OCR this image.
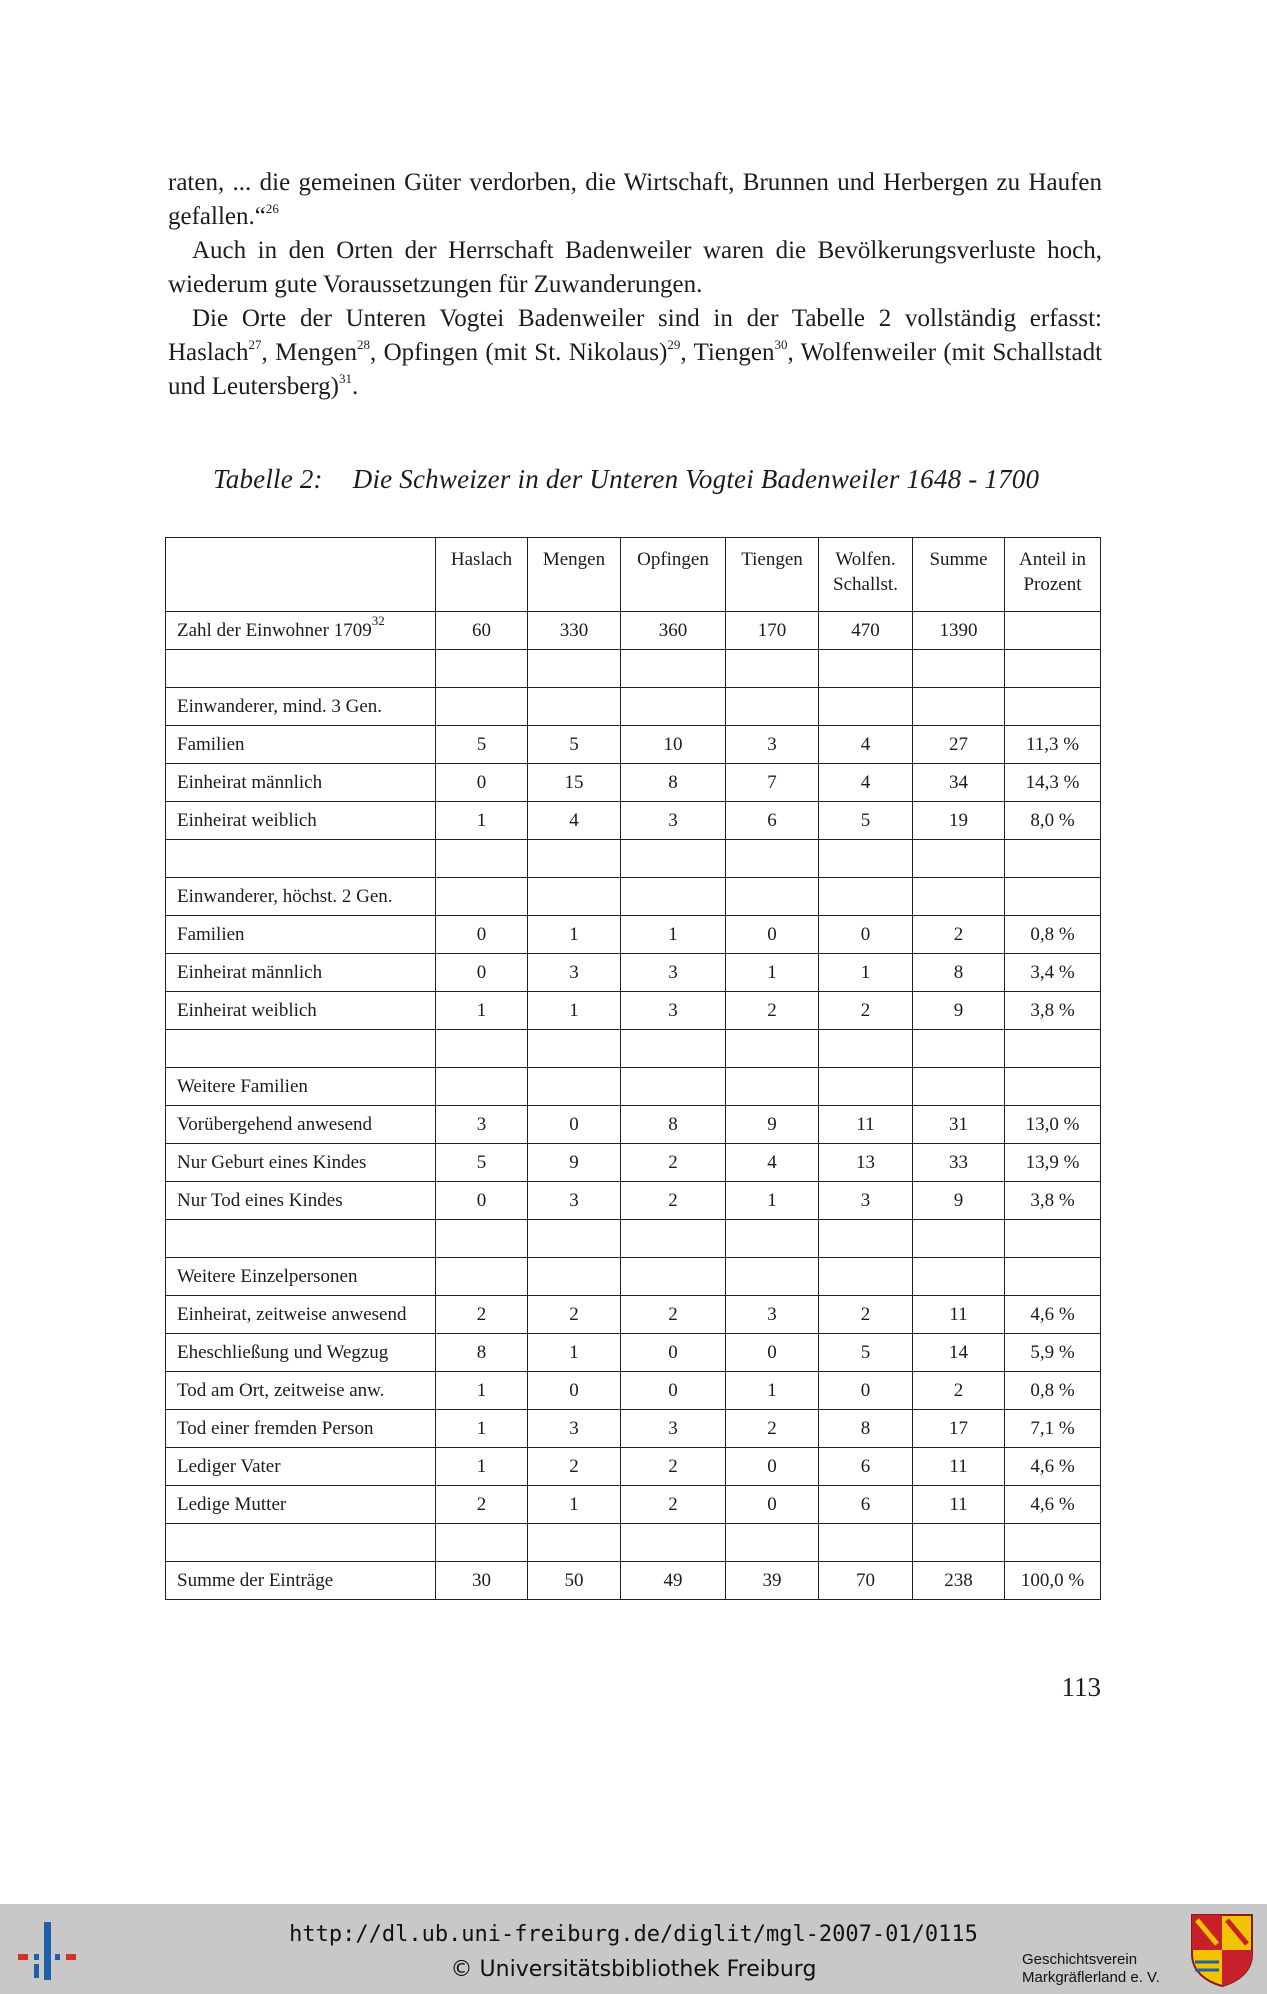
raten, ... die gemeinen Güter verdorben, die Wirtschaft, Brunnen und Herbergen zu Haufen gefallen.“$^{26}$

Auch in den Orten der Herrschaft Badenweiler waren die Bevölkerungsverluste hoch, wiederum gute Voraussetzungen für Zuwanderungen.

Die Orte der Unteren Vogtei Badenweiler sind in der Tabelle 2 vollständig erfasst: Haslach$^{27}$, Mengen$^{28}$, Opfingen (mit St. Nikolaus)$^{29}$, Tiengen$^{30}$, Wolfenweiler (mit Schallstadt und Leutersberg)$^{31}$.

Tabelle 2: Die Schweizer in der Unteren Vogtei Badenweiler 1648 - 1700
	Haslach	Mengen	Opfingen	Tiengen	Wolfen. Schallst.	Summe	Anteil in Prozent
Zahl der Einwohner 1709$^{32}$	60	330	360	170	470	1390	

Einwanderer, mind. 3 Gen.							
Familien	5	5	10	3	4	27	11,3 %
Einheirat männlich	0	15	8	7	4	34	14,3 %
Einheirat weiblich	1	4	3	6	5	19	8,0 %

Einwanderer, höchst. 2 Gen.							
Familien	0	1	1	0	0	2	0,8 %
Einheirat männlich	0	3	3	1	1	8	3,4 %
Einheirat weiblich	1	1	3	2	2	9	3,8 %

Weitere Familien							
Vorübergehend anwesend	3	0	8	9	11	31	13,0 %
Nur Geburt eines Kindes	5	9	2	4	13	33	13,9 %
Nur Tod eines Kindes	0	3	2	1	3	9	3,8 %

Weitere Einzelpersonen							
Einheirat, zeitweise anwesend	2	2	2	3	2	11	4,6 %
Eheschließung und Wegzug	8	1	0	0	5	14	5,9 %
Tod am Ort, zeitweise anw.	1	0	0	1	0	2	0,8 %
Tod einer fremden Person	1	3	3	2	8	17	7,1 %
Lediger Vater	1	2	2	0	6	11	4,6 %
Ledige Mutter	2	1	2	0	6	11	4,6 %

Summe der Einträge	30	50	49	39	70	238	100,0 %
113
http://dl.ub.uni-freiburg.de/diglit/mgl-2007-01/0115
© Universitätsbibliothek Freiburg	Geschichtsverein
Markgräflerland e. V.
